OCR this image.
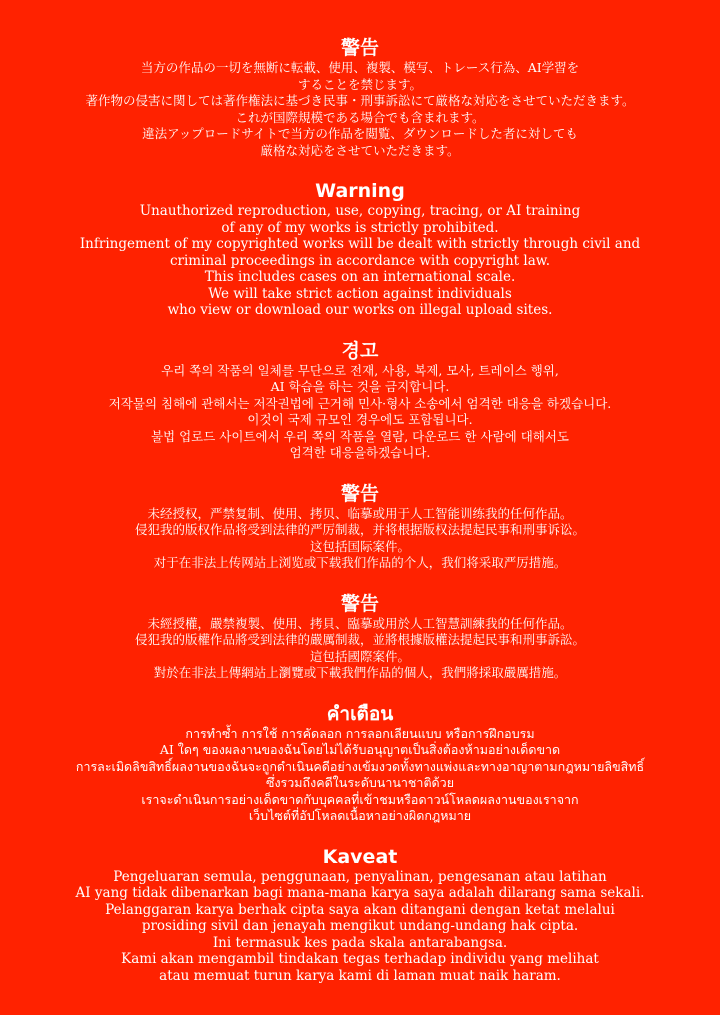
警告
当方の作品の一切を無断に転載、使用、複製、模写、トレース行為、AI学習を
することを禁じます。
著作物の侵害に関しては著作権法に基づき民事・刑事訴訟にて厳格な対応をさせていただきます。
これが国際規模である場合でも含まれます。
違法アップロードサイトで当方の作品を閲覧、ダウンロードした者に対しても
厳格な対応をさせていただきます。
Warning
Unauthorized reproduction, use, copying, tracing, or AI training
of any of my works is strictly prohibited.
Infringement of my copyrighted works will be dealt with strictly through civil and
criminal proceedings in accordance with copyright law.
This includes cases on an international scale.
We will take strict action against individuals
who view or download our works on illegal upload sites.
경고
우리 쪽의 작품의 일체를 무단으로 전재, 사용, 복제, 모사, 트레이스 행위,
AI 학습을 하는 것을 금지합니다.
저작물의 침해에 관해서는 저작권법에 근거해 민사·형사 소송에서 엄격한 대응을 하겠습니다.
이것이 국제 규모인 경우에도 포함됩니다.
불법 업로드 사이트에서 우리 쪽의 작품을 열람, 다운로드 한 사람에 대해서도
엄격한 대응을하겠습니다.
警告
未经授权，严禁复制、使用、拷贝、临摹或用于人工智能训练我的任何作品。
侵犯我的版权作品将受到法律的严厉制裁，并将根据版权法提起民事和刑事诉讼。
这包括国际案件。
对于在非法上传网站上浏览或下载我们作品的个人，我们将采取严厉措施。
警告
未經授權，嚴禁複製、使用、拷貝、臨摹或用於人工智慧訓練我的任何作品。
侵犯我的版權作品將受到法律的嚴厲制裁，並將根據版權法提起民事和刑事訴訟。
這包括國際案件。
對於在非法上傳網站上瀏覽或下載我們作品的個人，我們將採取嚴厲措施。
คำเตือน
การทำซ้ำ การใช้ การคัดลอก การลอกเลียนแบบ หรือการฝึกอบรม
AI ใดๆ ของผลงานของฉันโดยไม่ได้รับอนุญาตเป็นสิ่งต้องห้ามอย่างเด็ดขาด
การละเมิดลิขสิทธิ์ผลงานของฉันจะถูกดำเนินคดีอย่างเข้มงวดทั้งทางแพ่งและทางอาญาตามกฎหมายลิขสิทธิ์
ซึ่งรวมถึงคดีในระดับนานาชาติด้วย
เราจะดำเนินการอย่างเด็ดขาดกับบุคคลที่เข้าชมหรือดาวน์โหลดผลงานของเราจาก
เว็บไซต์ที่อัปโหลดเนื้อหาอย่างผิดกฎหมาย
Kaveat
Pengeluaran semula, penggunaan, penyalinan, pengesanan atau latihan
AI yang tidak dibenarkan bagi mana-mana karya saya adalah dilarang sama sekali.
Pelanggaran karya berhak cipta saya akan ditangani dengan ketat melalui
prosiding sivil dan jenayah mengikut undang-undang hak cipta.
Ini termasuk kes pada skala antarabangsa.
Kami akan mengambil tindakan tegas terhadap individu yang melihat
atau memuat turun karya kami di laman muat naik haram.
